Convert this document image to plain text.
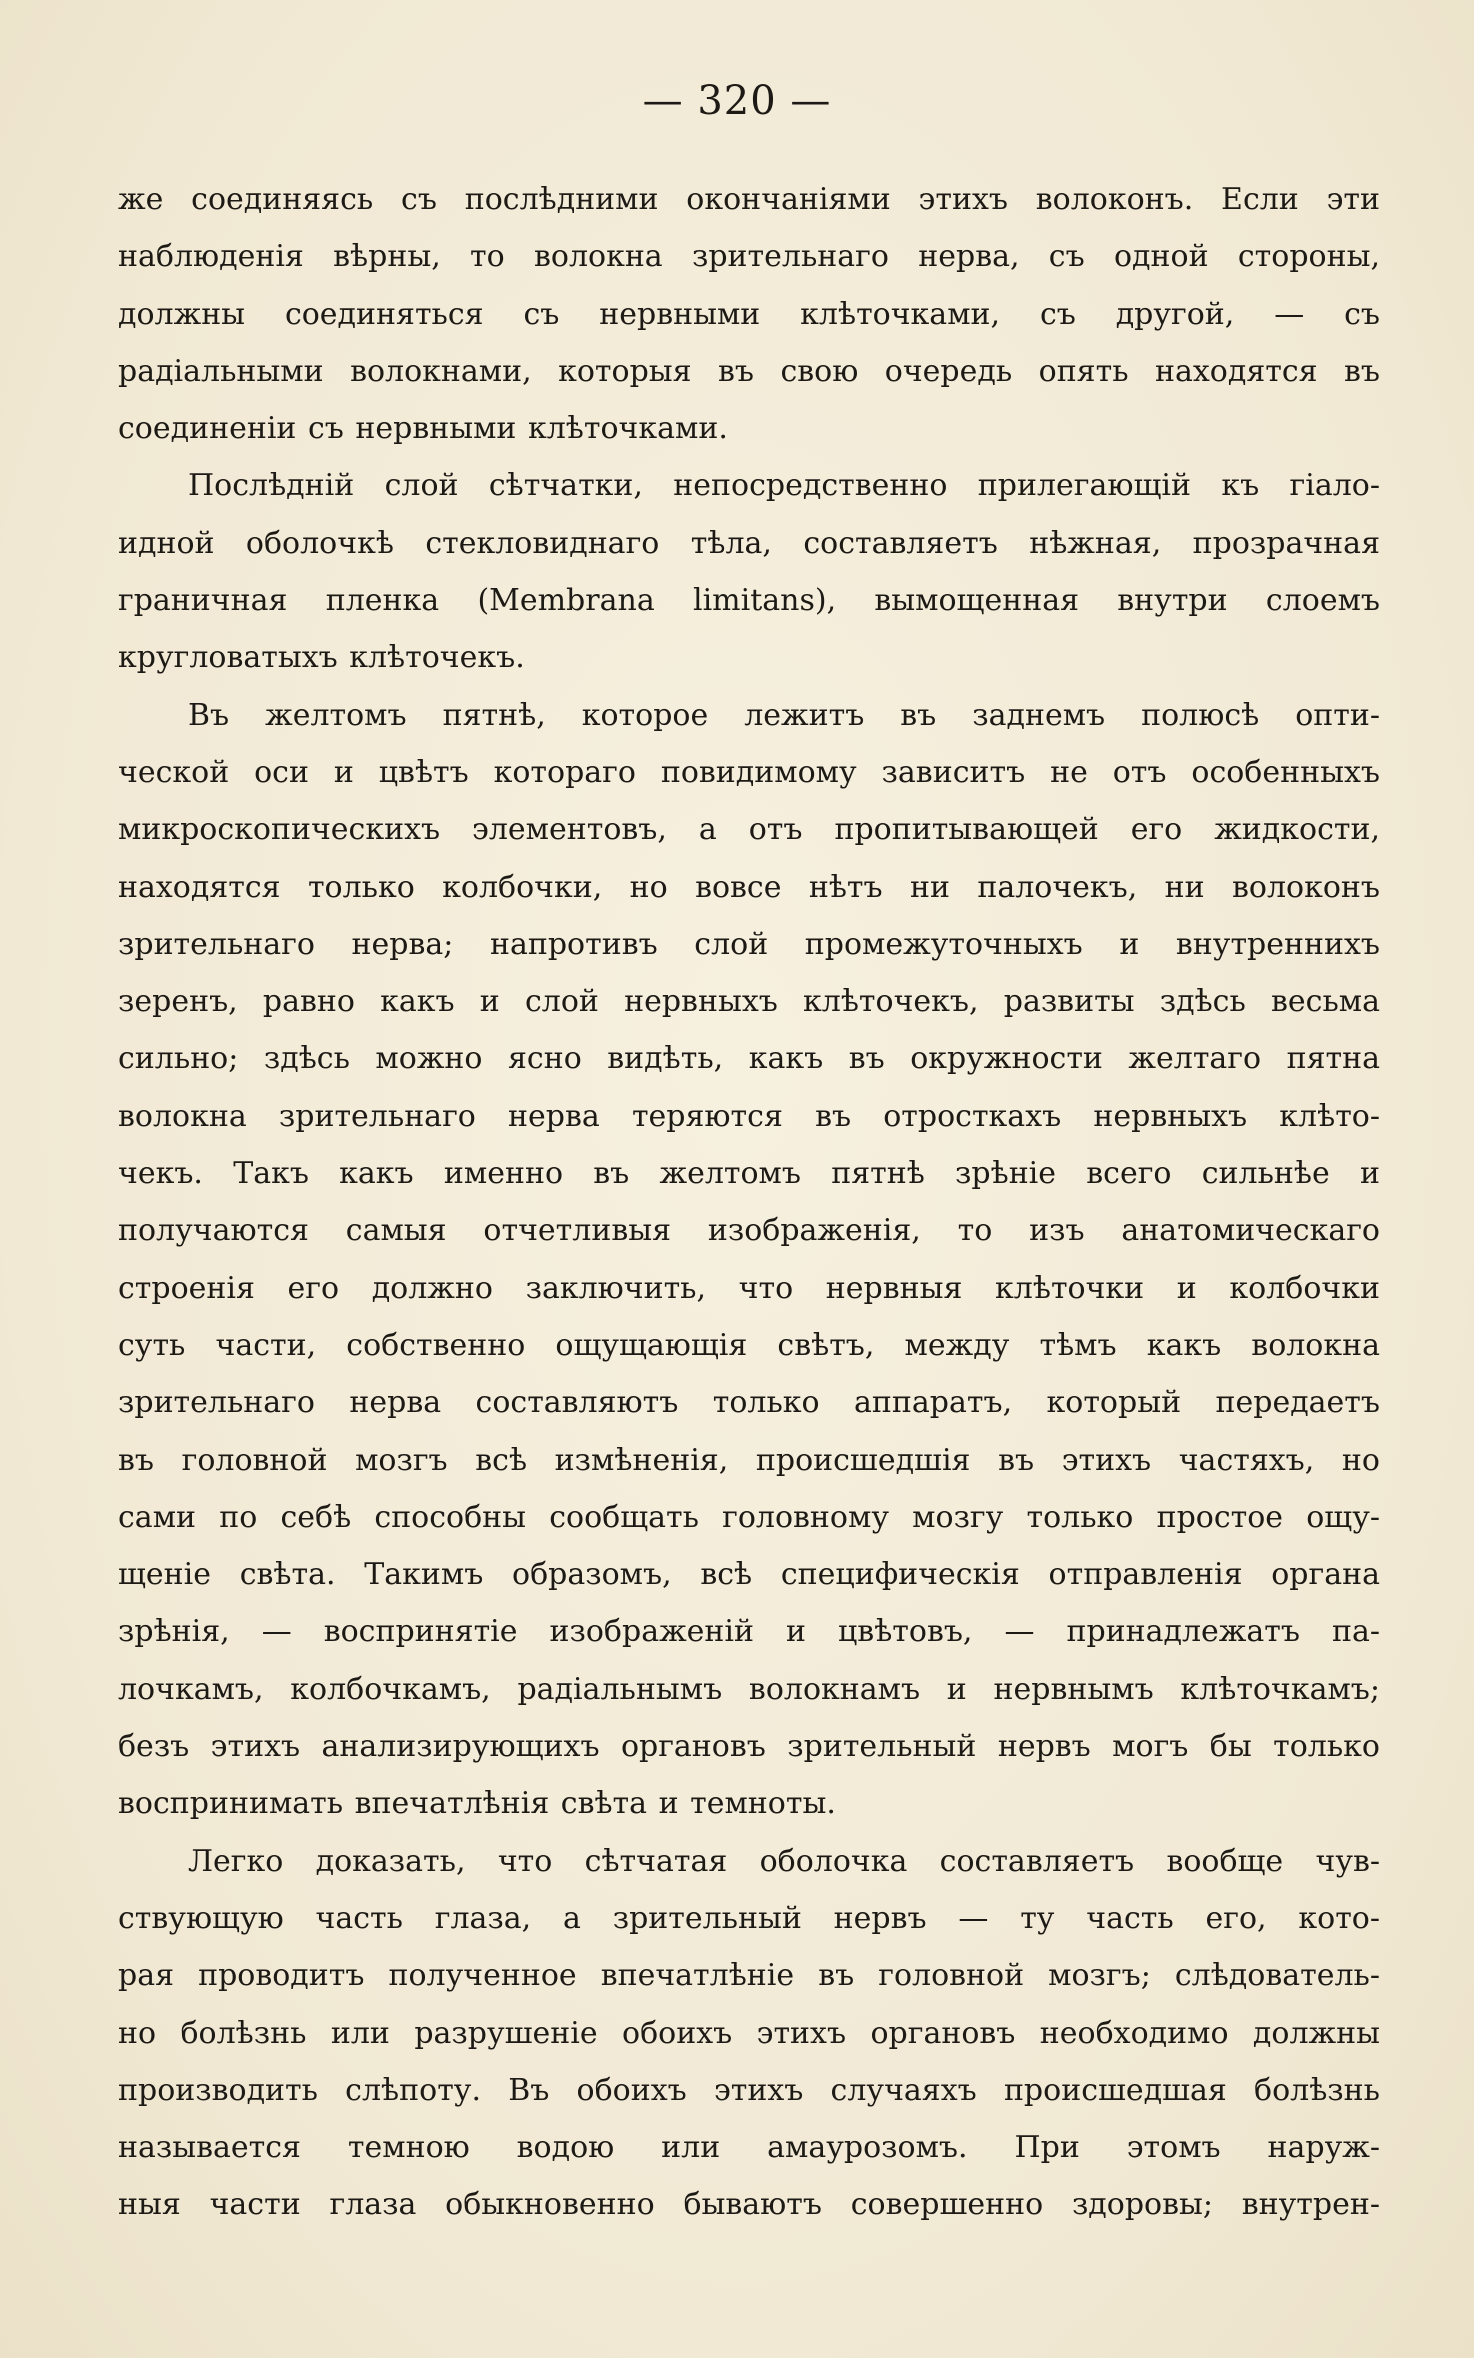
— 320 —
же соединяясь съ послѣдними окончаніями этихъ волоконъ. Если эти
наблюденія вѣрны, то волокна зрительнаго нерва, съ одной стороны,
должны соединяться съ нервными клѣточками, съ другой, — съ
радіальными волокнами, которыя въ свою очередь опять находятся въ
соединеніи съ нервными клѣточками.
Послѣдній слой сѣтчатки, непосредственно прилегающій къ гіало-
идной оболочкѣ стекловиднаго тѣла, составляетъ нѣжная, прозрачная
граничная пленка (Membrana limitans), вымощенная внутри слоемъ
кругловатыхъ клѣточекъ.
Въ желтомъ пятнѣ, которое лежитъ въ заднемъ полюсѣ опти-
ческой оси и цвѣтъ котораго повидимому зависитъ не отъ особенныхъ
микроскопическихъ элементовъ, а отъ пропитывающей его жидкости,
находятся только колбочки, но вовсе нѣтъ ни палочекъ, ни волоконъ
зрительнаго нерва; напротивъ слой промежуточныхъ и внутреннихъ
зеренъ, равно какъ и слой нервныхъ клѣточекъ, развиты здѣсь весьма
сильно; здѣсь можно ясно видѣть, какъ въ окружности желтаго пятна
волокна зрительнаго нерва теряются въ отросткахъ нервныхъ клѣто-
чекъ. Такъ какъ именно въ желтомъ пятнѣ зрѣніе всего сильнѣе и
получаются самыя отчетливыя изображенія, то изъ анатомическаго
строенія его должно заключить, что нервныя клѣточки и колбочки
суть части, собственно ощущающія свѣтъ, между тѣмъ какъ волокна
зрительнаго нерва составляютъ только аппаратъ, который передаетъ
въ головной мозгъ всѣ измѣненія, происшедшія въ этихъ частяхъ, но
сами по себѣ способны сообщать головному мозгу только простое ощу-
щеніе свѣта. Такимъ образомъ, всѣ специфическія отправленія органа
зрѣнія, — воспринятіе изображеній и цвѣтовъ, — принадлежатъ па-
лочкамъ, колбочкамъ, радіальнымъ волокнамъ и нервнымъ клѣточкамъ;
безъ этихъ анализирующихъ органовъ зрительный нервъ могъ бы только
воспринимать впечатлѣнія свѣта и темноты.
Легко доказать, что сѣтчатая оболочка составляетъ вообще чув-
ствующую часть глаза, а зрительный нервъ — ту часть его, кото-
рая проводитъ полученное впечатлѣніе въ головной мозгъ; слѣдователь-
но болѣзнь или разрушеніе обоихъ этихъ органовъ необходимо должны
производить слѣпоту. Въ обоихъ этихъ случаяхъ происшедшая болѣзнь
называется темною водою или амаурозомъ. При этомъ наруж-
ныя части глаза обыкновенно бываютъ совершенно здоровы; внутрен-
